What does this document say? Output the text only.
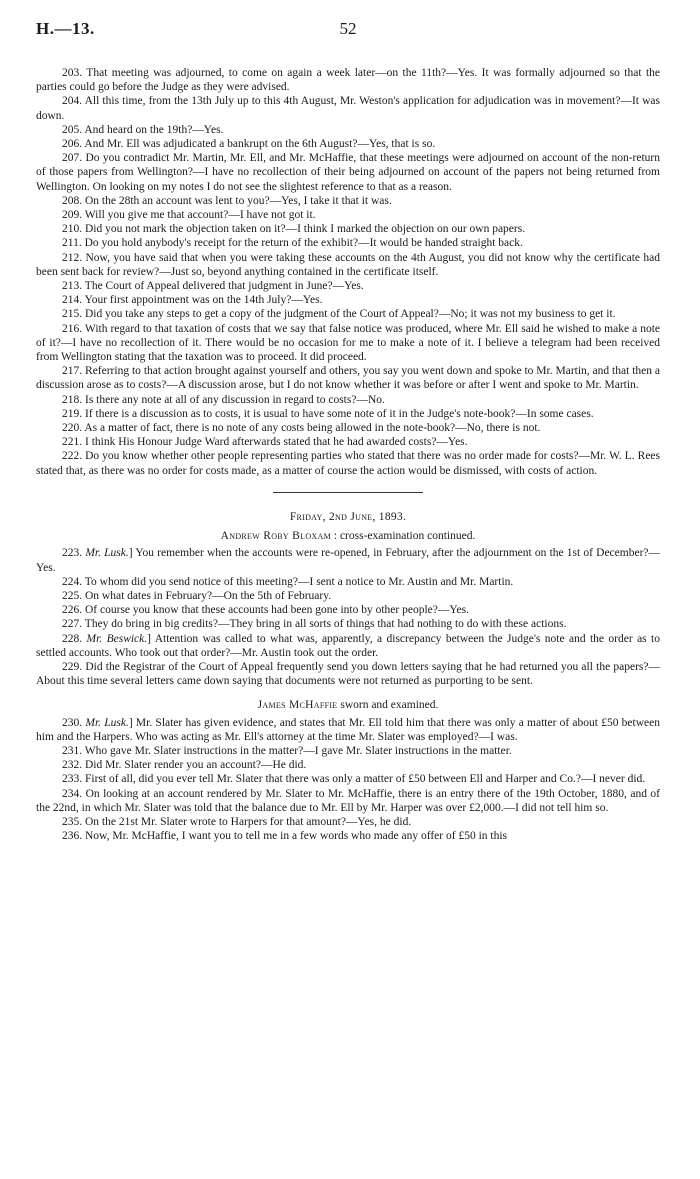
H.—13.	52

203. That meeting was adjourned, to come on again a week later—on the 11th?—Yes. It was formally adjourned so that the parties could go before the Judge as they were advised.

204. All this time, from the 13th July up to this 4th August, Mr. Weston's application for adjudication was in movement?—It was down.

205. And heard on the 19th?—Yes.

206. And Mr. Ell was adjudicated a bankrupt on the 6th August?—Yes, that is so.

207. Do you contradict Mr. Martin, Mr. Ell, and Mr. McHaffie, that these meetings were adjourned on account of the non-return of those papers from Wellington?—I have no recollection of their being adjourned on account of the papers not being returned from Wellington. On looking on my notes I do not see the slightest reference to that as a reason.

208. On the 28th an account was lent to you?—Yes, I take it that it was.

209. Will you give me that account?—I have not got it.

210. Did you not mark the objection taken on it?—I think I marked the objection on our own papers.

211. Do you hold anybody's receipt for the return of the exhibit?—It would be handed straight back.

212. Now, you have said that when you were taking these accounts on the 4th August, you did not know why the certificate had been sent back for review?—Just so, beyond anything contained in the certificate itself.

213. The Court of Appeal delivered that judgment in June?—Yes.

214. Your first appointment was on the 14th July?—Yes.

215. Did you take any steps to get a copy of the judgment of the Court of Appeal?—No; it was not my business to get it.

216. With regard to that taxation of costs that we say that false notice was produced, where Mr. Ell said he wished to make a note of it?—I have no recollection of it. There would be no occasion for me to make a note of it. I believe a telegram had been received from Wellington stating that the taxation was to proceed. It did proceed.

217. Referring to that action brought against yourself and others, you say you went down and spoke to Mr. Martin, and that then a discussion arose as to costs?—A discussion arose, but I do not know whether it was before or after I went and spoke to Mr. Martin.

218. Is there any note at all of any discussion in regard to costs?—No.

219. If there is a discussion as to costs, it is usual to have some note of it in the Judge's note-book?—In some cases.

220. As a matter of fact, there is no note of any costs being allowed in the note-book?—No, there is not.

221. I think His Honour Judge Ward afterwards stated that he had awarded costs?—Yes.

222. Do you know whether other people representing parties who stated that there was no order made for costs?—Mr. W. L. Rees stated that, as there was no order for costs made, as a matter of course the action would be dismissed, with costs of action.

Friday, 2nd June, 1893.
Andrew Roby Bloxam : cross-examination continued.

223. Mr. Lusk.] You remember when the accounts were re-opened, in February, after the adjournment on the 1st of December?—Yes.

224. To whom did you send notice of this meeting?—I sent a notice to Mr. Austin and Mr. Martin.

225. On what dates in February?—On the 5th of February.

226. Of course you know that these accounts had been gone into by other people?—Yes.

227. They do bring in big credits?—They bring in all sorts of things that had nothing to do with these actions.

228. Mr. Beswick.] Attention was called to what was, apparently, a discrepancy between the Judge's note and the order as to settled accounts. Who took out that order?—Mr. Austin took out the order.

229. Did the Registrar of the Court of Appeal frequently send you down letters saying that he had returned you all the papers?—About this time several letters came down saying that documents were not returned as purporting to be sent.

James McHaffie sworn and examined.

230. Mr. Lusk.] Mr. Slater has given evidence, and states that Mr. Ell told him that there was only a matter of about £50 between him and the Harpers. Who was acting as Mr. Ell's attorney at the time Mr. Slater was employed?—I was.

231. Who gave Mr. Slater instructions in the matter?—I gave Mr. Slater instructions in the matter.

232. Did Mr. Slater render you an account?—He did.

233. First of all, did you ever tell Mr. Slater that there was only a matter of £50 between Ell and Harper and Co.?—I never did.

234. On looking at an account rendered by Mr. Slater to Mr. McHaffie, there is an entry there of the 19th October, 1880, and of the 22nd, in which Mr. Slater was told that the balance due to Mr. Ell by Mr. Harper was over £2,000.—I did not tell him so.

235. On the 21st Mr. Slater wrote to Harpers for that amount?—Yes, he did.

236. Now, Mr. McHaffie, I want you to tell me in a few words who made any offer of £50 in this
